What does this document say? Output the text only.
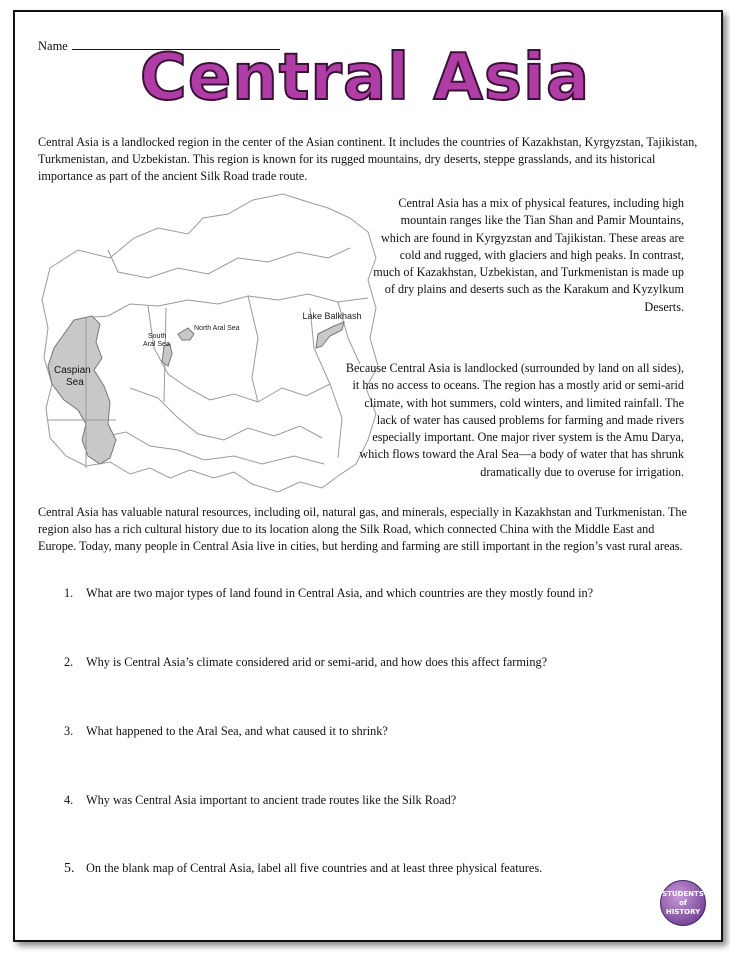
Name	Central Asia
Central Asia is a landlocked region in the center of the Asian continent. It includes the countries of Kazakhstan, Kyrgyzstan, Tajikistan, Turkmenistan, and Uzbekistan. This region is known for its rugged mountains, dry deserts, steppe grasslands, and its historical importance as part of the ancient Silk Road trade route.
North Aral Sea
South
Aral Sea
Lake Balkhash
Caspian
Sea
Central Asia has a mix of physical features, including high mountain ranges like the Tian Shan and Pamir Mountains, which are found in Kyrgyzstan and Tajikistan. These areas are cold and rugged, with glaciers and high peaks. In contrast, much of Kazakhstan, Uzbekistan, and Turkmenistan is made up of dry plains and deserts such as the Karakum and Kyzylkum Deserts.
Because Central Asia is landlocked (surrounded by land on all sides), it has no access to oceans. The region has a mostly arid or semi-arid climate, with hot summers, cold winters, and limited rainfall. The lack of water has caused problems for farming and made rivers especially important. One major river system is the Amu Darya, which flows toward the Aral Sea—a body of water that has shrunk dramatically due to overuse for irrigation.
Central Asia has valuable natural resources, including oil, natural gas, and minerals, especially in Kazakhstan and Turkmenistan. The region also has a rich cultural history due to its location along the Silk Road, which connected China with the Middle East and Europe. Today, many people in Central Asia live in cities, but herding and farming are still important in the region’s vast rural areas.
1. What are two major types of land found in Central Asia, and which countries are they mostly found in?
2. Why is Central Asia’s climate considered arid or semi-arid, and how does this affect farming?
3. What happened to the Aral Sea, and what caused it to shrink?
4. Why was Central Asia important to ancient trade routes like the Silk Road?
5. On the blank map of Central Asia, label all five countries and at least three physical features.
STUDENTS
of
HISTORY
